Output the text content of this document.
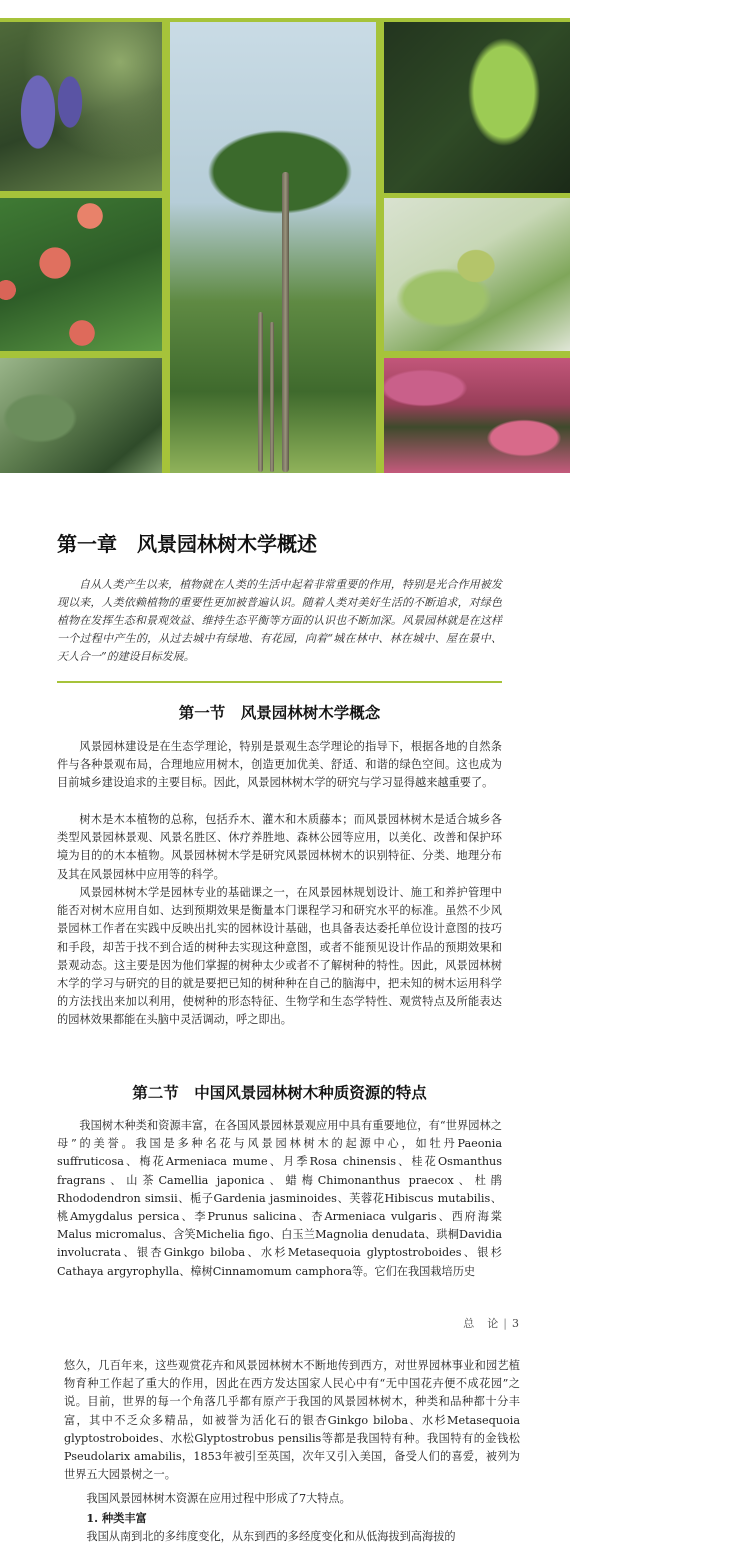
第一章　风景园林树木学概述

自从人类产生以来，植物就在人类的生活中起着非常重要的作用，特别是光合作用被发现以来，人类依赖植物的重要性更加被普遍认识。随着人类对美好生活的不断追求，对绿色植物在发挥生态和景观效益、维持生态平衡等方面的认识也不断加深。风景园林就是在这样一个过程中产生的，从过去城中有绿地、有花园，向着“城在林中、林在城中、屋在景中、天人合一”的建设目标发展。

第一节　风景园林树木学概念

风景园林建设是在生态学理论，特别是景观生态学理论的指导下，根据各地的自然条件与各种景观布局，合理地应用树木，创造更加优美、舒适、和谐的绿色空间。这也成为目前城乡建设追求的主要目标。因此，风景园林树木学的研究与学习显得越来越重要了。

树木是木本植物的总称，包括乔木、灌木和木质藤本；而风景园林树木是适合城乡各类型风景园林景观、风景名胜区、休疗养胜地、森林公园等应用，以美化、改善和保护环境为目的的木本植物。风景园林树木学是研究风景园林树木的识别特征、分类、地理分布及其在风景园林中应用等的科学。

风景园林树木学是园林专业的基础课之一，在风景园林规划设计、施工和养护管理中能否对树木应用自如、达到预期效果是衡量本门课程学习和研究水平的标准。虽然不少风景园林工作者在实践中反映出扎实的园林设计基础，也具备表达委托单位设计意图的技巧和手段，却苦于找不到合适的树种去实现这种意图，或者不能预见设计作品的预期效果和景观动态。这主要是因为他们掌握的树种太少或者不了解树种的特性。因此，风景园林树木学的学习与研究的目的就是要把已知的树种种在自己的脑海中，把未知的树木运用科学的方法找出来加以利用，使树种的形态特征、生物学和生态学特性、观赏特点及所能表达的园林效果都能在头脑中灵活调动，呼之即出。

第二节　中国风景园林树木种质资源的特点

我国树木种类和资源丰富，在各国风景园林景观应用中具有重要地位，有“世界园林之母”的美誉。我国是多种名花与风景园林树木的起源中心，如牡丹Paeonia suffruticosa、梅花Armeniaca mume、月季Rosa chinensis、桂花Osmanthus fragrans、山茶Camellia japonica、蜡梅Chimonanthus praecox、杜鹃Rhododendron simsii、栀子Gardenia jasminoides、芙蓉花Hibiscus mutabilis、桃Amygdalus persica、李Prunus salicina、杏Armeniaca vulgaris、西府海棠Malus micromalus、含笑Michelia figo、白玉兰Magnolia denudata、珙桐Davidia involucrata、银杏Ginkgo biloba、水杉Metasequoia glyptostroboides、银杉Cathaya argyrophylla、樟树Cinnamomum camphora等。它们在我国栽培历史

总　论 | 3

悠久，几百年来，这些观赏花卉和风景园林树木不断地传到西方，对世界园林事业和园艺植物育种工作起了重大的作用，因此在西方发达国家人民心中有“无中国花卉便不成花园”之说。目前，世界的每一个角落几乎都有原产于我国的风景园林树木，种类和品种都十分丰富，其中不乏众多精品，如被誉为活化石的银杏Ginkgo biloba、水杉Metasequoia glyptostroboides、水松Glyptostrobus pensilis等都是我国特有种。我国特有的金钱松Pseudolarix amabilis，1853年被引至英国，次年又引入美国，备受人们的喜爱，被列为世界五大园景树之一。

我国风景园林树木资源在应用过程中形成了7大特点。

1. 种类丰富

我国从南到北的多纬度变化，从东到西的多经度变化和从低海拔到高海拔的
